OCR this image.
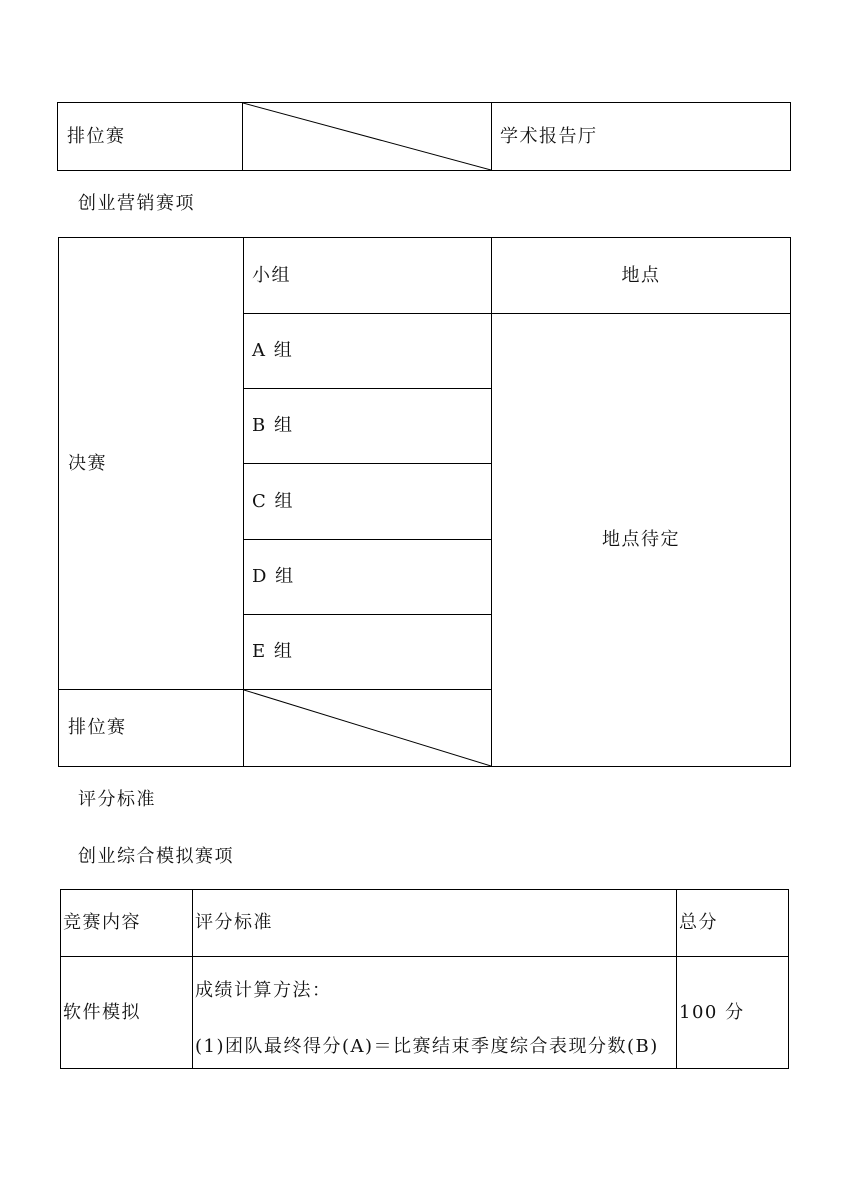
排位赛		学术报告厅
创业营销赛项
决赛	小组	地点
	A 组	地点待定
	B 组	
	C 组	
	D 组	
	E 组	
排位赛	
评分标准
创业综合模拟赛项
竞赛内容	评分标准	总分
软件模拟	成绩计算方法：
(1)团队最终得分(A)＝比赛结束季度综合表现分数(B)	100 分
